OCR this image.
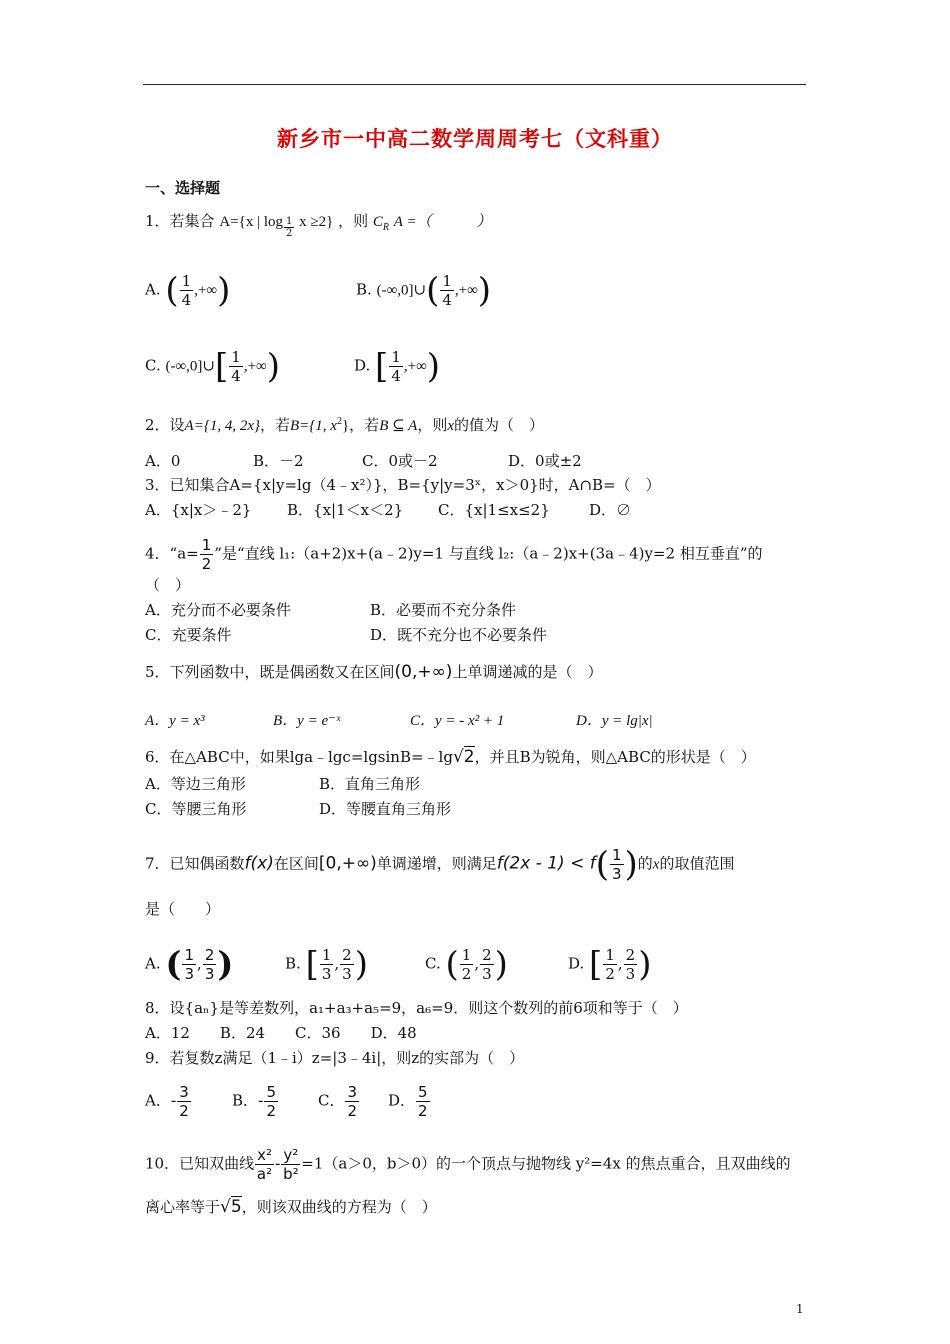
新乡市一中高二数学周周考七（文科重）
一、选择题
1．若集合 A={x | $\log \frac{1}{2}$ x ≥2} ，则 $C_R$ A =（　　　）
A. ( $\frac{1}{4}$ ,+∞)	B. (-∞,0]∪( $\frac{1}{4}$ ,+∞)
C. (-∞,0]∪[ $\frac{1}{4}$ ,+∞)	D. [ $\frac{1}{4}$ ,+∞)
2．设A={1, 4, 2x}，若B={1, $x^2$}，若B ⊆ A，则x的值为（　）
A．0	B．－2	C．0或－2	D．0或±2
3．已知集合A={x|y=lg（4﹣x²）}，B={y|y=3ˣ，x＞0}时，A∩B=（　）
A．{x|x＞﹣2} B．{x|1＜x＜2} C．{x|1≤x≤2}	D．∅
4．“$a= \frac{1}{2}$ ”是“直线 l₁:（a+2)x+(a﹣2)y=1 与直线 l₂:（a﹣2)x+(3a﹣4)y=2 相互垂直”的
（　）
A．充分而不必要条件	B．必要而不充分条件
C．充要条件	D．既不充分也不必要条件
5．下列函数中，既是偶函数又在区间(0,+∞)上单调递减的是（　）
A．y = x³	B．y = e⁻ˣ	C．y = - x² + 1	D．y = lg|x|
6．在△ABC中，如果lga﹣lgc=lgsinB=﹣lg√2，并且B为锐角，则△ABC的形状是（　）
A．等边三角形	B．直角三角形
C．等腰三角形	D．等腰直角三角形
7．已知偶函数f(x)在区间[0,+∞)单调递增，则满足$f(2x - 1) < f( \frac{1}{3}$ )的x的取值范围
是（　　）
A. ( $\frac{1}{3}$ , $\frac{2}{3}$ )	B. [ $\frac{1}{3}$ , $\frac{2}{3}$ )	C. ( $\frac{1}{2}$ , $\frac{2}{3}$ )	D. [ $\frac{1}{2}$ , $\frac{2}{3}$ )
8．设{aₙ}是等差数列，a₁+a₃+a₅=9，a₆=9．则这个数列的前6项和等于（　）
A．12　　B．24　　C．36　　D．48
9．若复数z满足（1﹣i）z=|3﹣4i|，则z的实部为（　）
A．- $\frac{3}{2}$	B．- $\frac{5}{2}$	C． $\frac{3}{2}$ D． $\frac{5}{2}$
10．已知双曲线 $\frac{\text{x²}}{\text{a²}} - \frac{\text{y²}}{\text{b²}} =1(a>0$，b＞0）的一个顶点与抛物线 y²=4x 的焦点重合，且双曲线的
离心率等于√5，则该双曲线的方程为（　）
1
